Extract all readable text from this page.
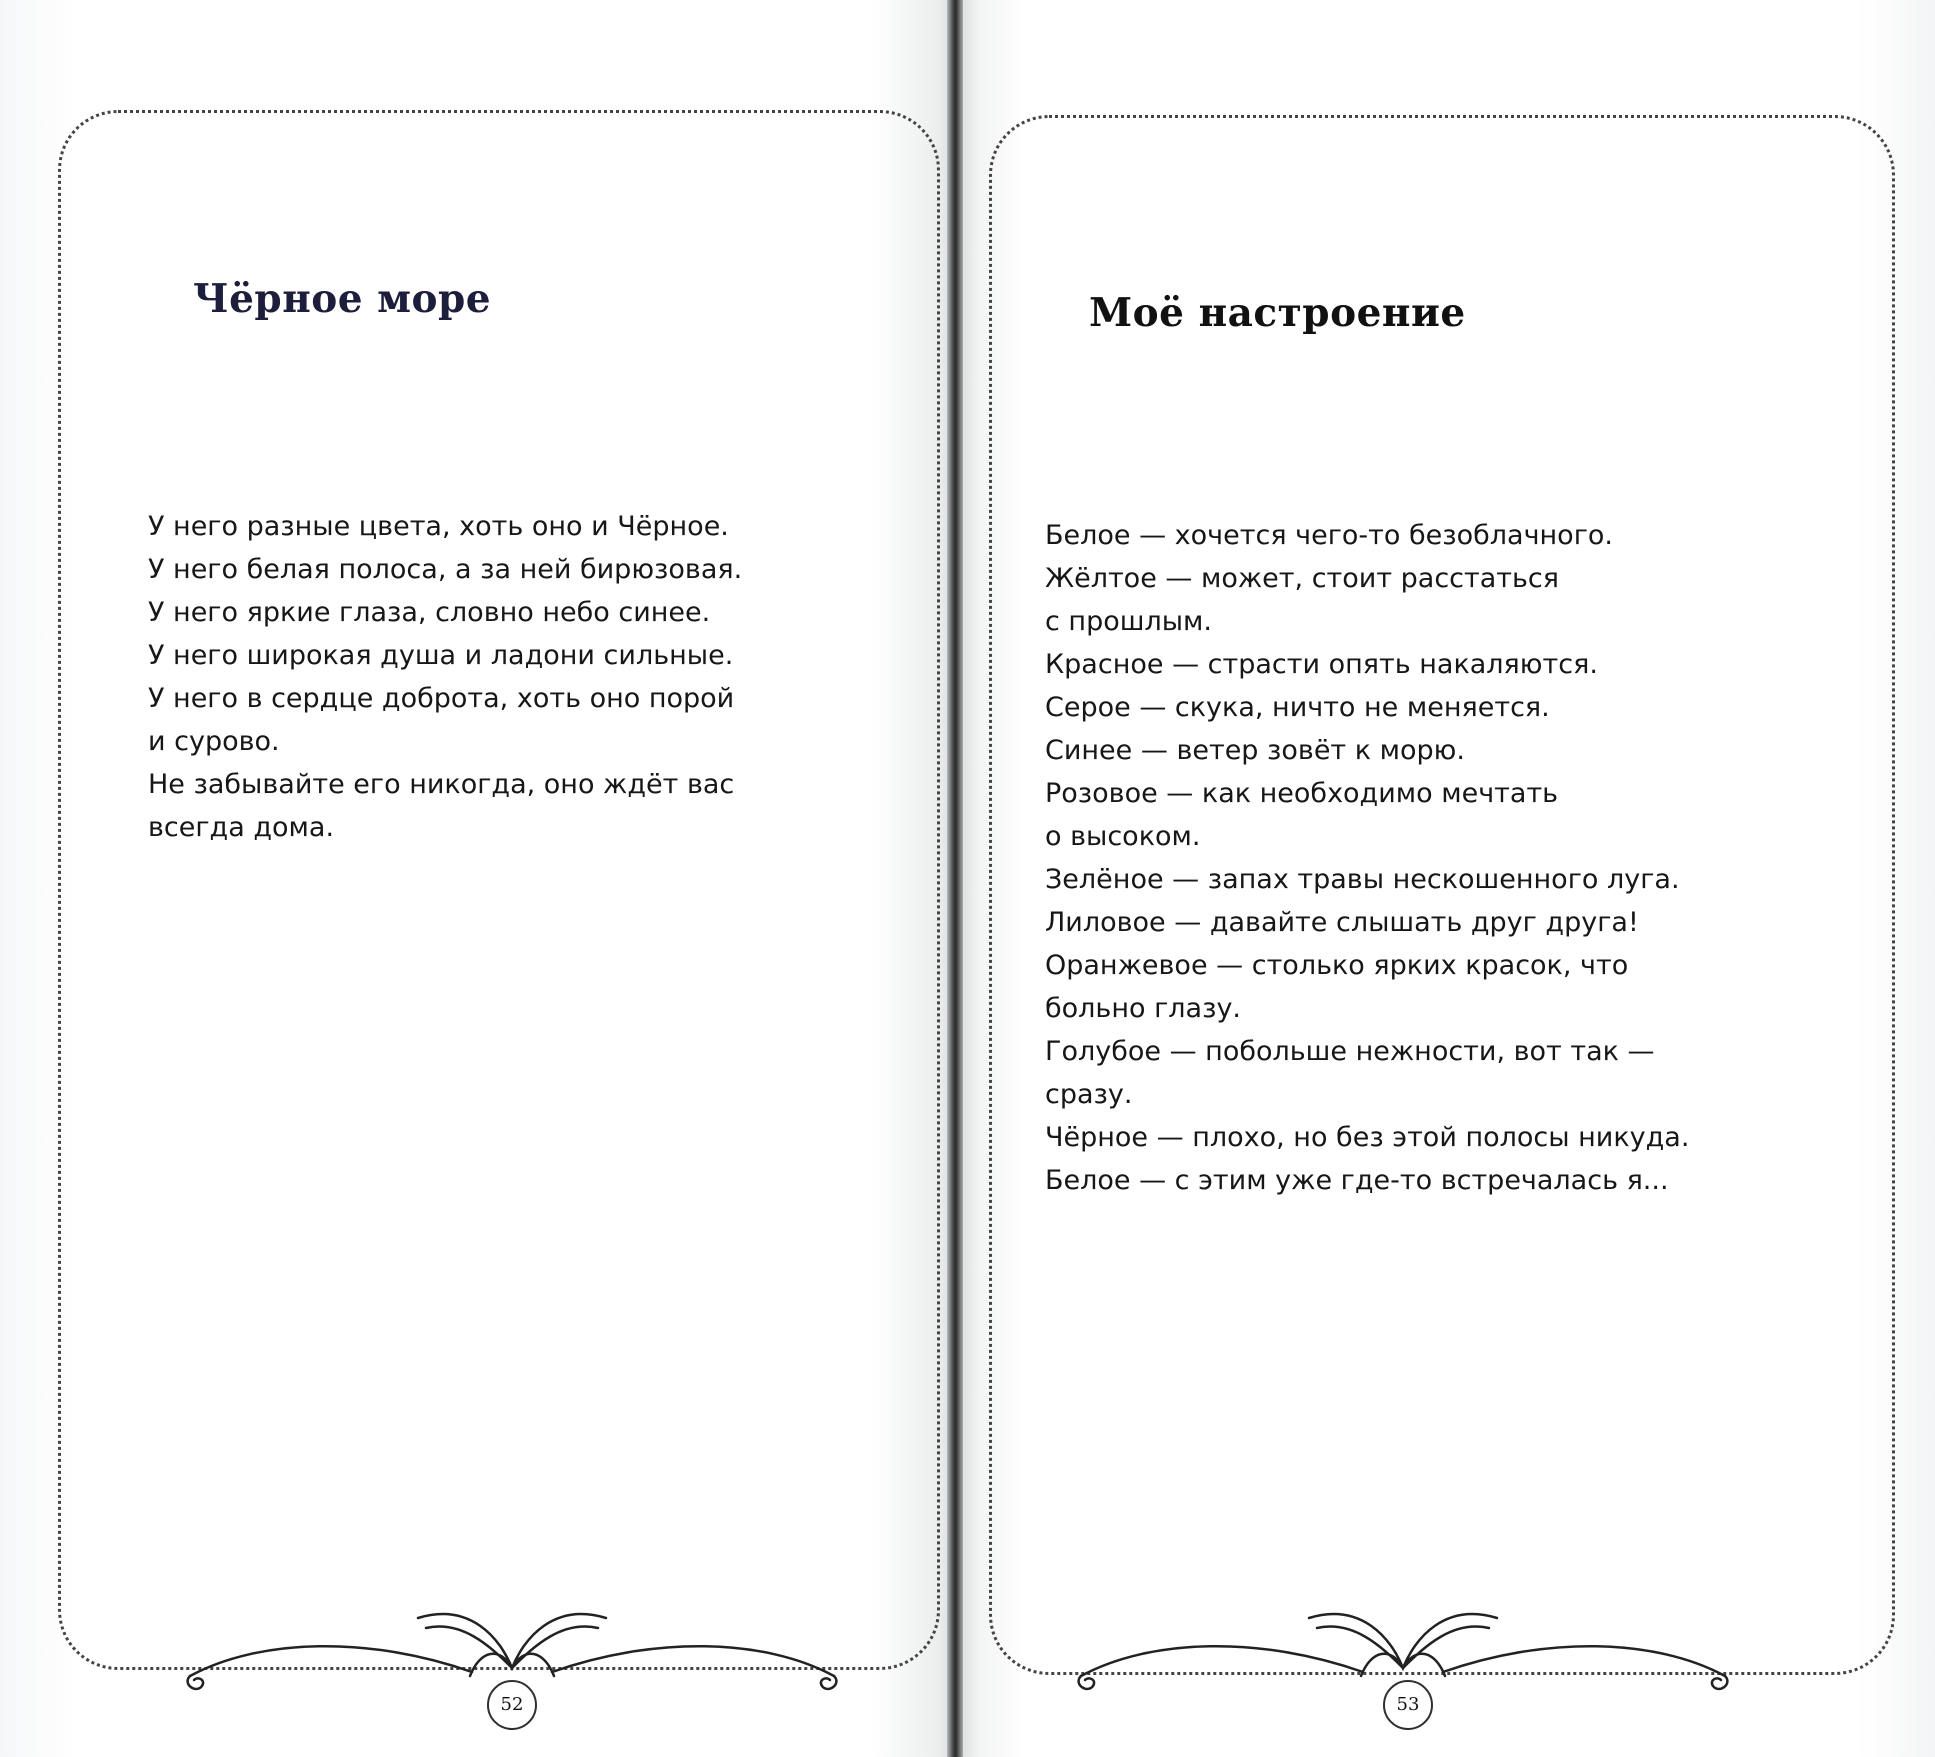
Чёрное море
У него разные цвета, хоть оно и Чёрное.
У него белая полоса, а за ней бирюзовая.
У него яркие глаза, словно небо синее.
У него широкая душа и ладони сильные.
У него в сердце доброта, хоть оно порой
и сурово.
Не забывайте его никогда, оно ждёт вас
всегда дома.
52
Моё настроение
Белое — хочется чего-то безоблачного.
Жёлтое — может, стоит расстаться
с прошлым.
Красное — страсти опять накаляются.
Серое — скука, ничто не меняется.
Синее — ветер зовёт к морю.
Розовое — как необходимо мечтать
о высоком.
Зелёное — запах травы нескошенного луга.
Лиловое — давайте слышать друг друга!
Оранжевое — столько ярких красок, что
больно глазу.
Голубое — побольше нежности, вот так —
сразу.
Чёрное — плохо, но без этой полосы никуда.
Белое — с этим уже где-то встречалась я...
53
